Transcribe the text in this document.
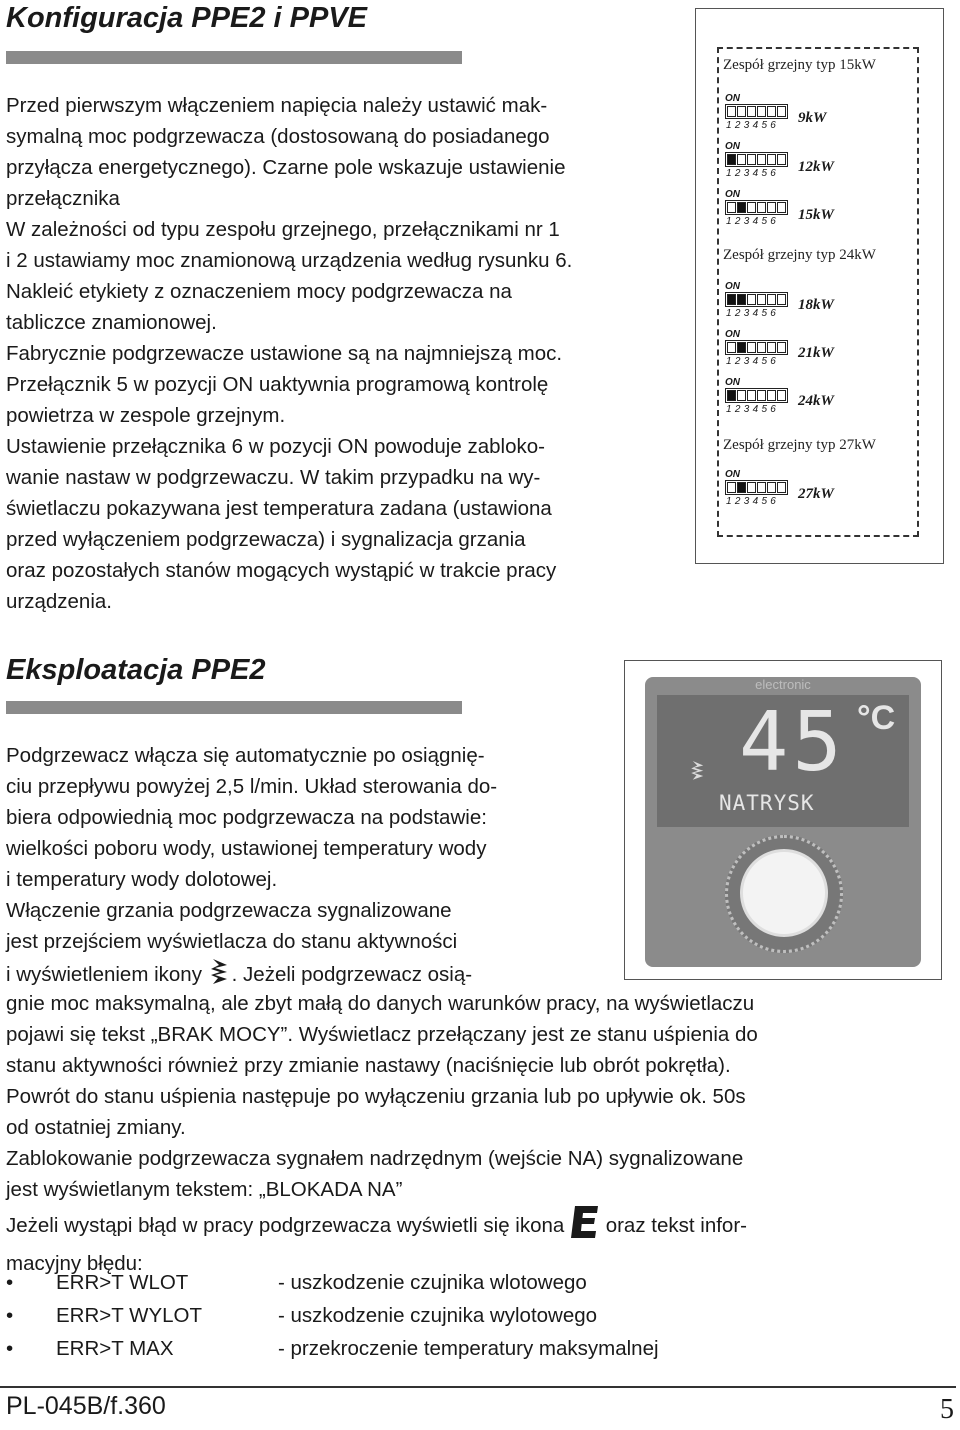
Konfiguracja PPE2 i PPVE
Przed pierwszym włączeniem napięcia należy ustawić mak-
symalną moc podgrzewacza (dostosowaną do posiadanego
przyłącza energetycznego). Czarne pole wskazuje ustawienie
przełącznika
W zależności od typu zespołu grzejnego, przełącznikami nr 1
i 2 ustawiamy moc znamionową urządzenia według rysunku 6.
Naklеić etykiety z oznaczeniem mocy podgrzewacza na
tabliczce znamionowej.
Fabrycznie podgrzewacze ustawione są na najmniejszą moc.
Przełącznik 5 w pozycji ON uaktywnia programową kontrolę
powietrza w zespole grzejnym.
Ustawienie przełącznika 6 w pozycji ON powoduje zabloko-
wanie nastaw w podgrzewaczu. W takim przypadku na wy-
świetlaczu pokazywana jest temperatura zadana (ustawiona
przed wyłączeniem podgrzewacza) i sygnalizacja grzania
oraz pozostałych stanów mogących wystąpić w trakcie pracy
urządzenia.
Zespół grzejny typ 15kW
ON
123456 9kW
ON
123456 12kW
ON
123456 15kW
Zespół grzejny typ 24kW
ON
123456
18kW
ON
123456
21kW
ON
123456
24kW
Zespół grzejny typ 27kW
ON
123456 27kW
Eksploatacja PPE2
Podgrzewacz włącza się automatycznie po osiągnię-
ciu przepływu powyżej 2,5 l/min. Układ sterowania do-
biera odpowiednią moc podgrzewacza na podstawie:
wielkości poboru wody, ustawionej temperatury wody
i temperatury wody dolotowej.
Włączenie grzania podgrzewacza sygnalizowane
jest przejściem wyświetlacza do stanu aktywności
i wyświetleniem ikony . Jeżeli podgrzewacz osią-
gnie moc maksymalną, ale zbyt małą do danych warunków pracy, na wyświetlaczu
pojawi się tekst „BRAK MOCY”. Wyświetlacz przełączany jest ze stanu uśpienia do
stanu aktywności również przy zmianie nastawy (naciśnięcie lub obrót pokrętła).
Powrót do stanu uśpienia następuje po wyłączeniu grzania lub po upływie ok. 50s
od ostatniej zmiany.
Zablokowanie podgrzewacza sygnałem nadrzędnym (wejście NA) sygnalizowane
jest wyświetlanym tekstem: „BLOKADA NA”
Jeżeli wystąpi błąd w pracy podgrzewacza wyświetli się ikona oraz tekst infor-
macyjny błędu:
• ERR>T WLOT	- uszkodzenie czujnika wlotowego
• ERR>T WYLOT	- uszkodzenie czujnika wylotowego
• ERR>T MAX	- przekroczenie temperatury maksymalnej
electronic
45 °C
NATRYSK
PL-045B/f.360	5
